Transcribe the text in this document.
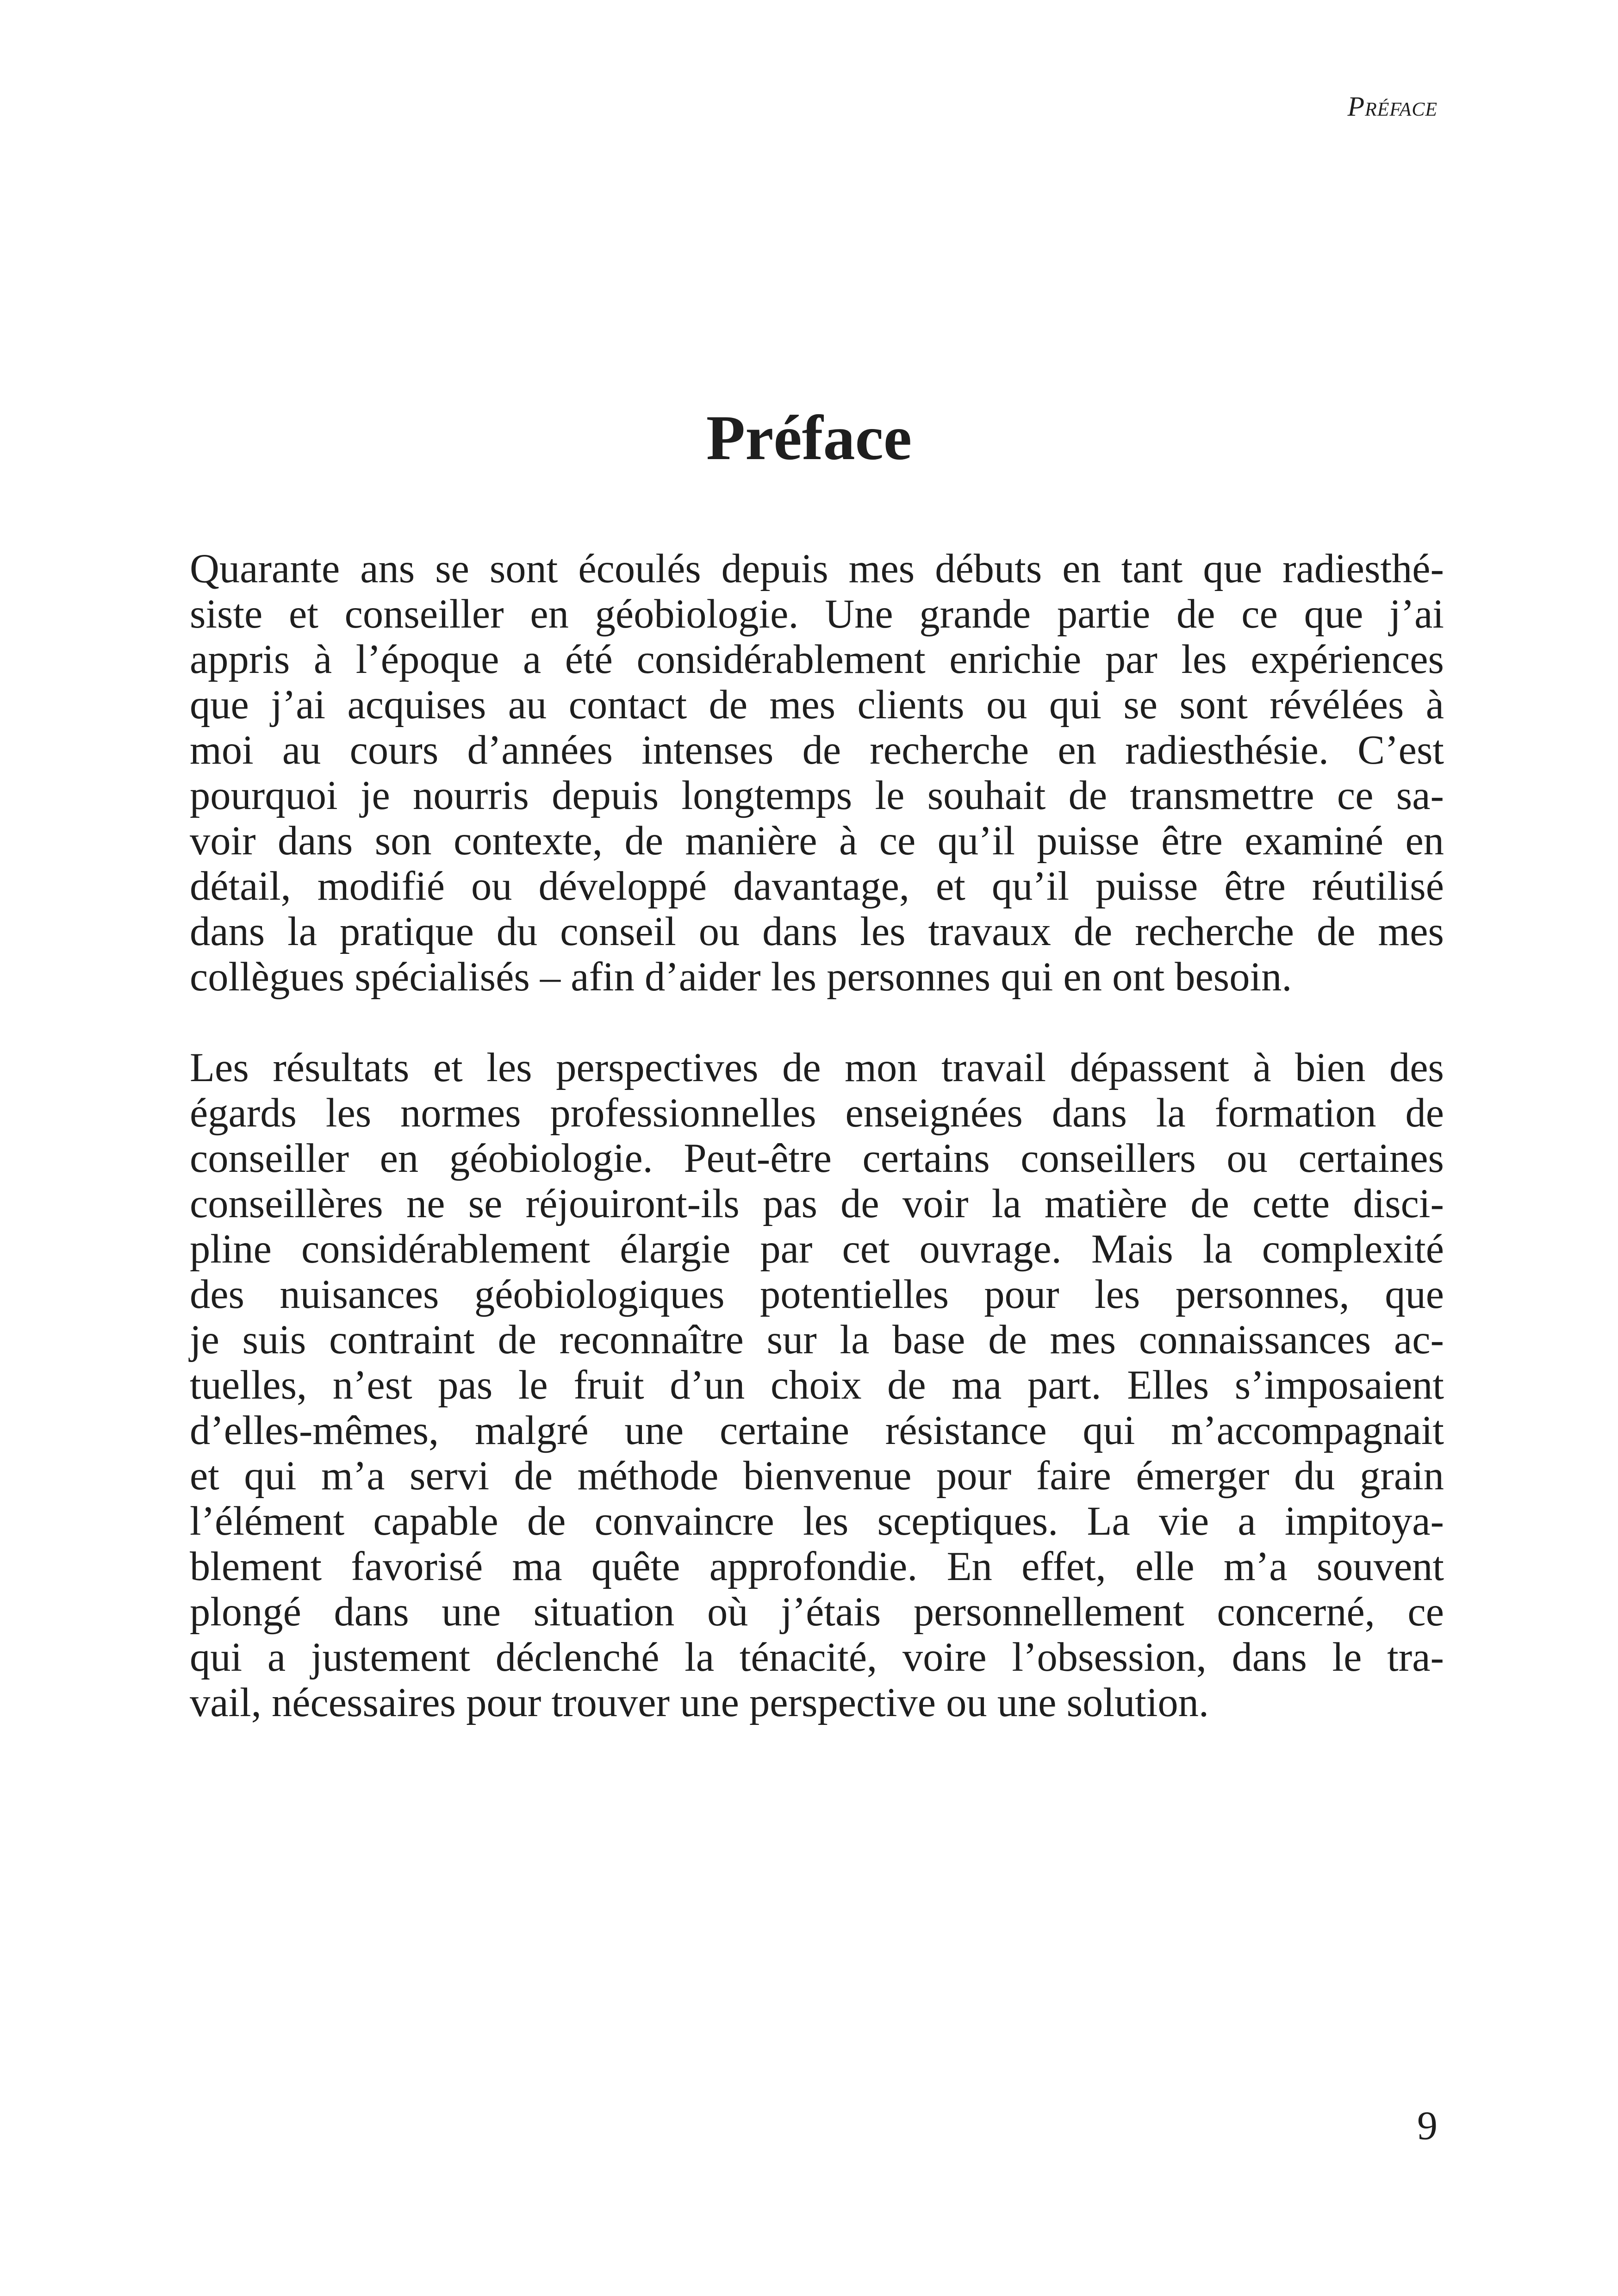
Préface
Préface
Quarante ans se sont écoulés depuis mes débuts en tant que radiesthé-
siste et conseiller en géobiologie. Une grande partie de ce que j’ai
appris à l’époque a été considérablement enrichie par les expériences
que j’ai acquises au contact de mes clients ou qui se sont révélées à
moi au cours d’années intenses de recherche en radiesthésie. C’est
pourquoi je nourris depuis longtemps le souhait de transmettre ce sa-
voir dans son contexte, de manière à ce qu’il puisse être examiné en
détail, modifié ou développé davantage, et qu’il puisse être réutilisé
dans la pratique du conseil ou dans les travaux de recherche de mes
collègues spécialisés – afin d’aider les personnes qui en ont besoin.
Les résultats et les perspectives de mon travail dépassent à bien des
égards les normes professionnelles enseignées dans la formation de
conseiller en géobiologie. Peut-être certains conseillers ou certaines
conseillères ne se réjouiront-ils pas de voir la matière de cette disci-
pline considérablement élargie par cet ouvrage. Mais la complexité
des nuisances géobiologiques potentielles pour les personnes, que
je suis contraint de reconnaître sur la base de mes connaissances ac-
tuelles, n’est pas le fruit d’un choix de ma part. Elles s’imposaient
d’elles-mêmes, malgré une certaine résistance qui m’accompagnait
et qui m’a servi de méthode bienvenue pour faire émerger du grain
l’élément capable de convaincre les sceptiques. La vie a impitoya-
blement favorisé ma quête approfondie. En effet, elle m’a souvent
plongé dans une situation où j’étais personnellement concerné, ce
qui a justement déclenché la ténacité, voire l’obsession, dans le tra-
vail, nécessaires pour trouver une perspective ou une solution.
9
